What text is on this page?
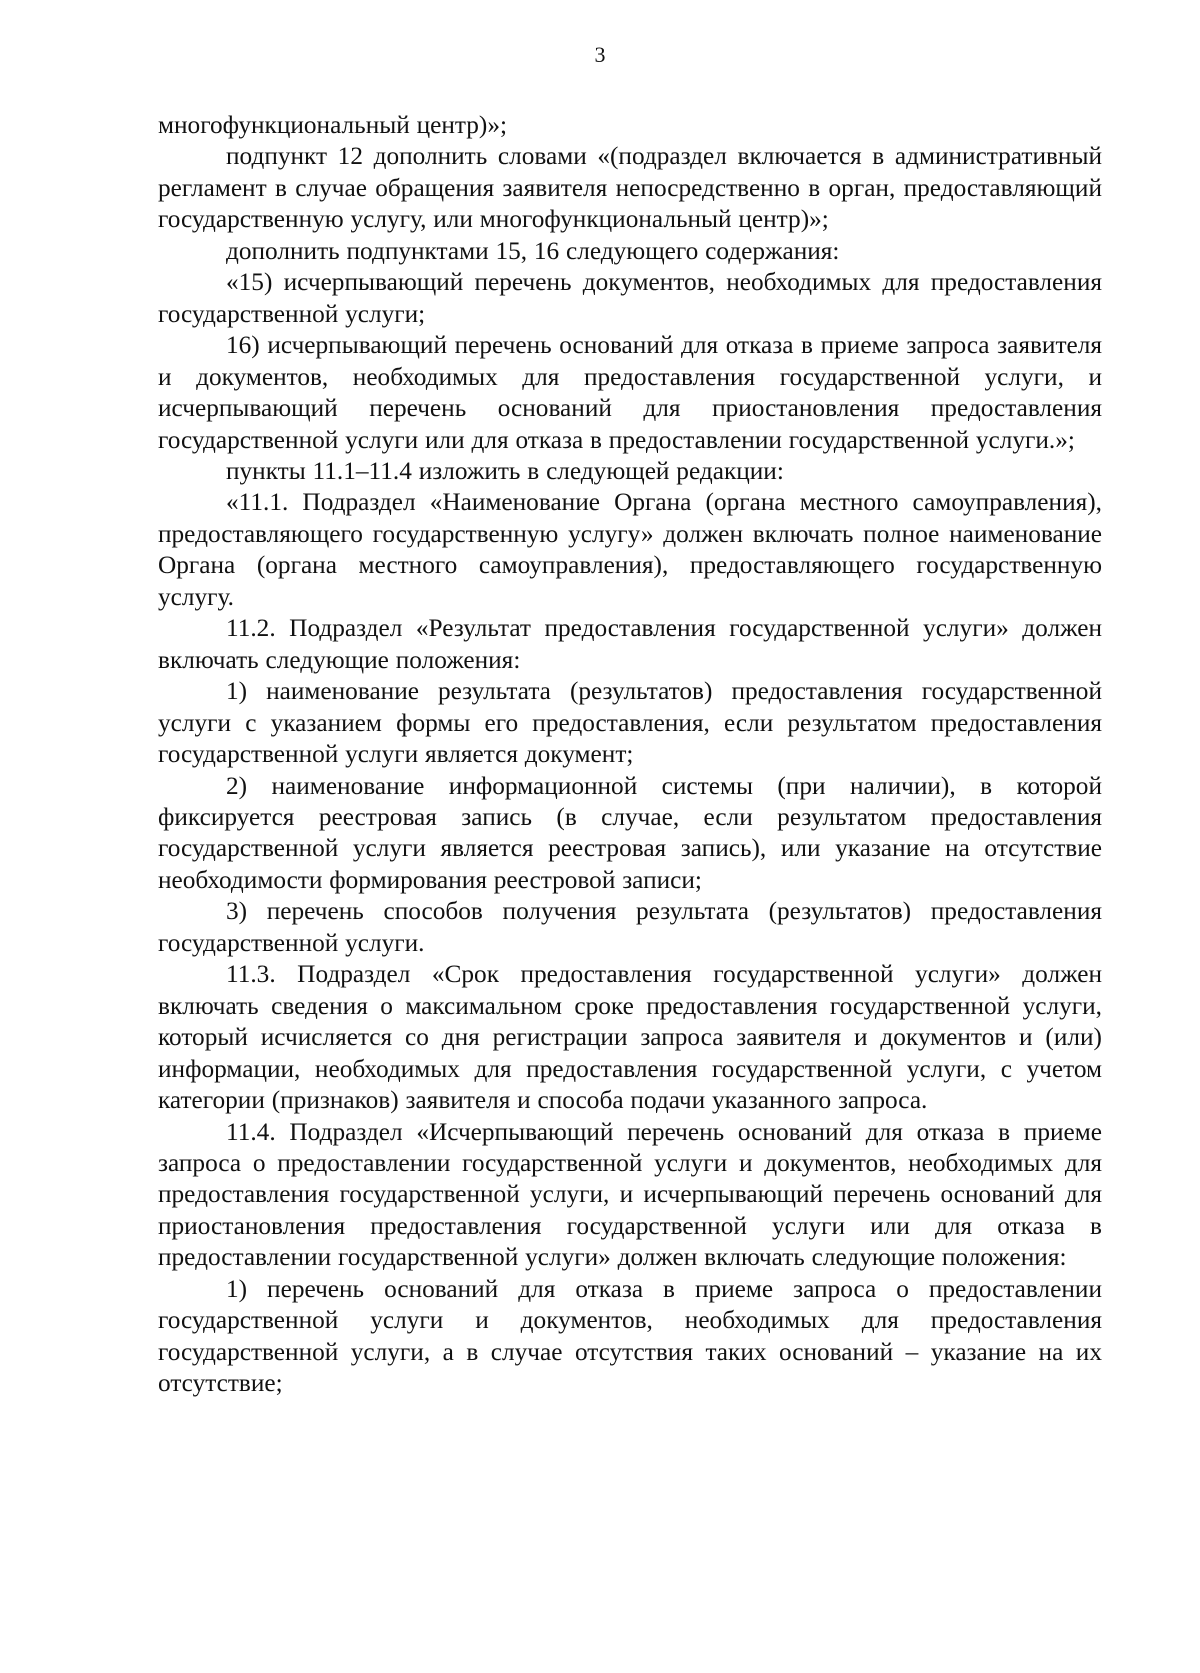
3

многофункциональный центр)»;

подпункт 12 дополнить словами «(подраздел включается в административный регламент в случае обращения заявителя непосредственно в орган, предоставляющий государственную услугу, или многофункциональный центр)»;

дополнить подпунктами 15, 16 следующего содержания:

«15) исчерпывающий перечень документов, необходимых для предоставления государственной услуги;

16) исчерпывающий перечень оснований для отказа в приеме запроса заявителя и документов, необходимых для предоставления государственной услуги, и исчерпывающий перечень оснований для приостановления предоставления государственной услуги или для отказа в предоставлении государственной услуги.»;

пункты 11.1–11.4 изложить в следующей редакции:

«11.1. Подраздел «Наименование Органа (органа местного самоуправления), предоставляющего государственную услугу» должен включать полное наименование Органа (органа местного самоуправления), предоставляющего государственную услугу.

11.2. Подраздел «Результат предоставления государственной услуги» должен включать следующие положения:

1) наименование результата (результатов) предоставления государственной услуги с указанием формы его предоставления, если результатом предоставления государственной услуги является документ;

2) наименование информационной системы (при наличии), в которой фиксируется реестровая запись (в случае, если результатом предоставления государственной услуги является реестровая запись), или указание на отсутствие необходимости формирования реестровой записи;

3) перечень способов получения результата (результатов) предоставления государственной услуги.

11.3. Подраздел «Срок предоставления государственной услуги» должен включать сведения о максимальном сроке предоставления государственной услуги, который исчисляется со дня регистрации запроса заявителя и документов и (или) информации, необходимых для предоставления государственной услуги, с учетом категории (признаков) заявителя и способа подачи указанного запроса.

11.4. Подраздел «Исчерпывающий перечень оснований для отказа в приеме запроса о предоставлении государственной услуги и документов, необходимых для предоставления государственной услуги, и исчерпывающий перечень оснований для приостановления предоставления государственной услуги или для отказа в предоставлении государственной услуги» должен включать следующие положения:

1) перечень оснований для отказа в приеме запроса о предоставлении государственной услуги и документов, необходимых для предоставления государственной услуги, а в случае отсутствия таких оснований – указание на их отсутствие;
